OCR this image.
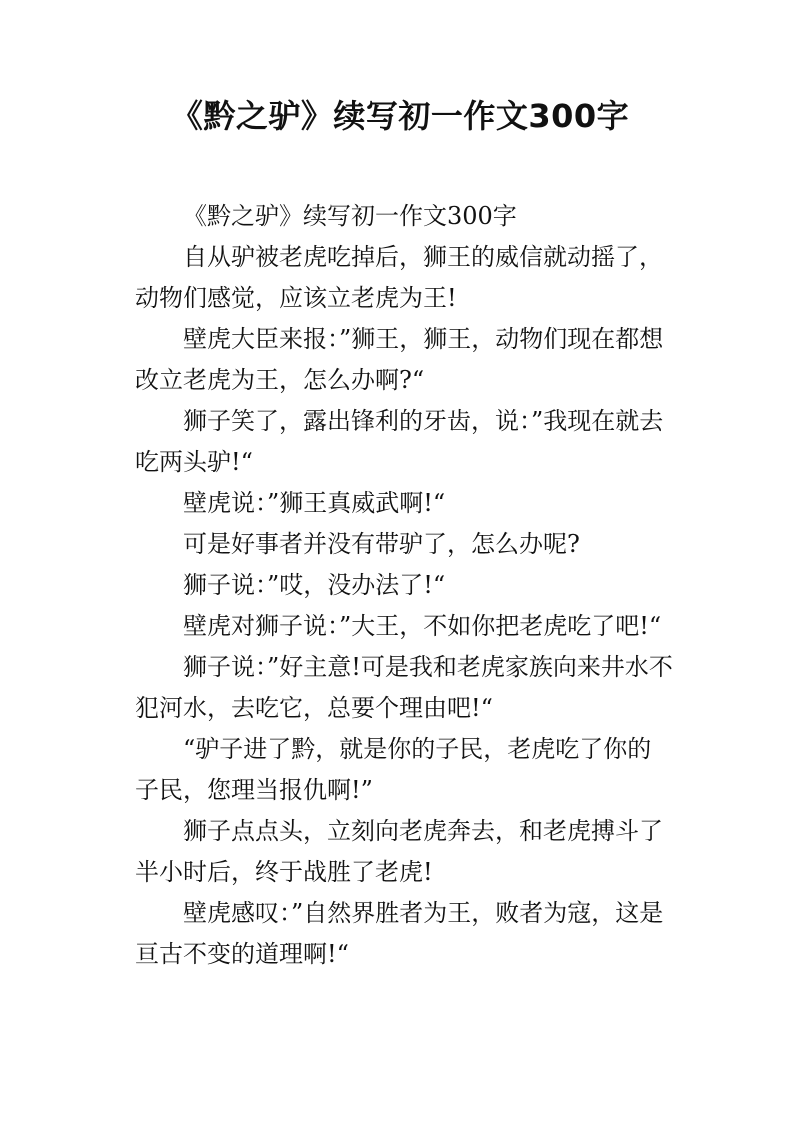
《黔之驴》续写初一作文300字

《黔之驴》续写初一作文300字

自从驴被老虎吃掉后，狮王的威信就动摇了，动物们感觉，应该立老虎为王!

壁虎大臣来报：”狮王，狮王，动物们现在都想改立老虎为王，怎么办啊?“

狮子笑了，露出锋利的牙齿，说：”我现在就去吃两头驴!“

壁虎说：”狮王真威武啊!“

可是好事者并没有带驴了，怎么办呢?

狮子说：”哎，没办法了!“

壁虎对狮子说：”大王，不如你把老虎吃了吧!“

狮子说：”好主意!可是我和老虎家族向来井水不犯河水，去吃它，总要个理由吧!“

“驴子进了黔，就是你的子民，老虎吃了你的子民，您理当报仇啊!”

狮子点点头，立刻向老虎奔去，和老虎搏斗了半小时后，终于战胜了老虎!

壁虎感叹：”自然界胜者为王，败者为寇，这是亘古不变的道理啊!“
